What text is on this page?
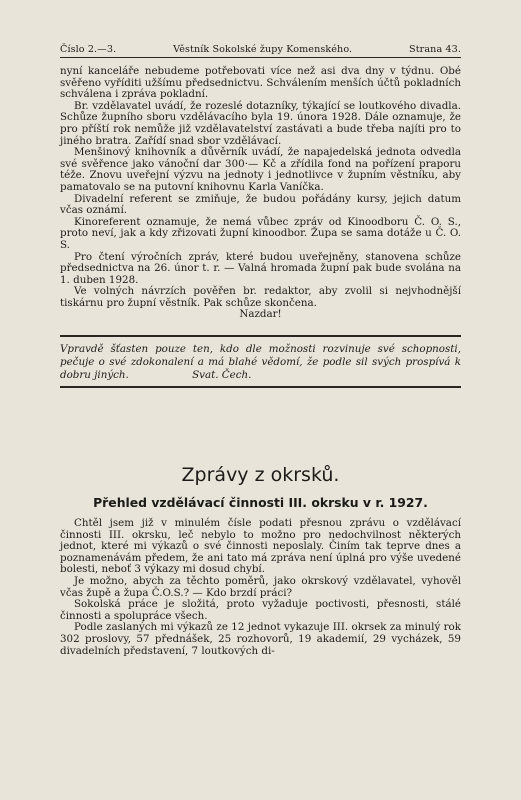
Číslo 2.—3.	Věstník Sokolské župy Komenského.	Strana 43.

nyní kanceláře nebudeme potřebovati více než asi dva dny v týdnu. Obé svěřeno vyříditi užšímu předsednictvu. Schválením menších účtů pokladních schválena i zpráva pokladní.

Br. vzdělavatel uvádí, že rozeslé dotazníky, týkající se loutkového divadla. Schůze župního sboru vzdělávacího byla 19. února 1928. Dále oznamuje, že pro příští rok nemůže již vzdělavatelství zastávati a bude třeba najíti pro to jiného bratra. Zařídí snad sbor vzdělávací.

Menšinový knihovník a důvěrník uvádí, že napajedelská jednota odvedla své svěřence jako vánoční dar 300·— Kč a zřídila fond na pořízení praporu téže. Znovu uveřejní výzvu na jednoty i jednotlivce v župním věstníku, aby pamatovalo se na putovní knihovnu Karla Vaníčka.

Divadelní referent se zmiňuje, že budou pořádány kursy, jejich datum včas oznámí.

Kinoreferent oznamuje, že nemá vůbec zpráv od Kinoodboru Č. O. S., proto neví, jak a kdy zřizovati župní kinoodbor. Župa se sama dotáže u Č. O. S.

Pro čtení výročních zpráv, které budou uveřejněny, stanovena schůze předsednictva na 26. únor t. r. — Valná hromada župní pak bude svolána na 1. duben 1928.

Ve volných návrzích pověřen br. redaktor, aby zvolil si nejvhodnější tiskárnu pro župní věstník. Pak schůze skončena.

Nazdar!

Vpravdě šťasten pouze ten, kdo dle možnosti rozvinuje své schopnosti, pečuje o své zdokonalení a má blahé vědomí, že podle sil svých prospívá k dobru jiných.	Svat. Čech.

Zprávy z okrsků.
Přehled vzdělávací činnosti III. okrsku v r. 1927.

Chtěl jsem již v minulém čísle podati přesnou zprávu o vzdělávací činnosti III. okrsku, leč nebylo to možno pro nedochvilnost některých jednot, které mi výkazů o své činnosti neposlaly. Činím tak teprve dnes a poznamenávám předem, že ani tato má zpráva není úplná pro výše uvedené bolesti, neboť 3 výkazy mi dosud chybí.

Je možno, abych za těchto poměrů, jako okrskový vzdělavatel, vyhověl včas župě a župa Č.O.S.? — Kdo brzdí práci?

Sokolská práce je složitá, proto vyžaduje poctivosti, přesnosti, stálé činnosti a spolupráce všech.

Podle zaslaných mi výkazů ze 12 jednot vykazuje III. okrsek za minulý rok 302 proslovy, 57 přednášek, 25 rozhovorů, 19 akademií, 29 vycházek, 59 divadelních představení, 7 loutkových di-
